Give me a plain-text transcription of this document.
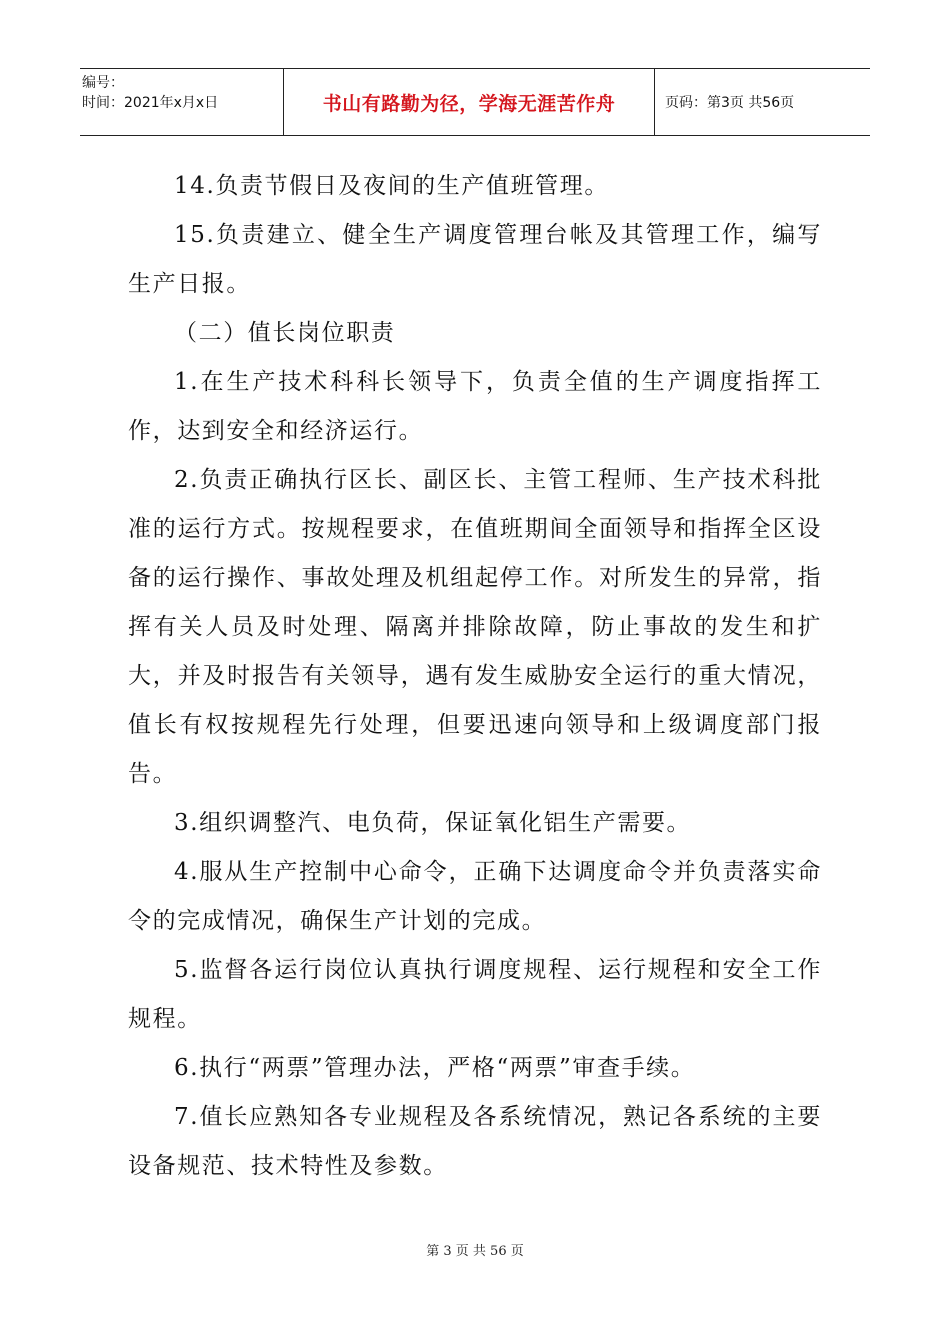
编号：
时间：2021年x月x日	书山有路勤为径，学海无涯苦作舟	页码：第3页 共56页

14.负责节假日及夜间的生产值班管理。

15.负责建立、健全生产调度管理台帐及其管理工作，编写生产日报。

（二）值长岗位职责

1.在生产技术科科长领导下，负责全值的生产调度指挥工作，达到安全和经济运行。

2.负责正确执行区长、副区长、主管工程师、生产技术科批准的运行方式。按规程要求，在值班期间全面领导和指挥全区设备的运行操作、事故处理及机组起停工作。对所发生的异常，指挥有关人员及时处理、隔离并排除故障，防止事故的发生和扩大，并及时报告有关领导，遇有发生威胁安全运行的重大情况，值长有权按规程先行处理，但要迅速向领导和上级调度部门报告。

3.组织调整汽、电负荷，保证氧化铝生产需要。

4.服从生产控制中心命令，正确下达调度命令并负责落实命令的完成情况，确保生产计划的完成。

5.监督各运行岗位认真执行调度规程、运行规程和安全工作规程。

6.执行“两票”管理办法，严格“两票”审查手续。

7.值长应熟知各专业规程及各系统情况，熟记各系统的主要设备规范、技术特性及参数。

第 3 页 共 56 页
